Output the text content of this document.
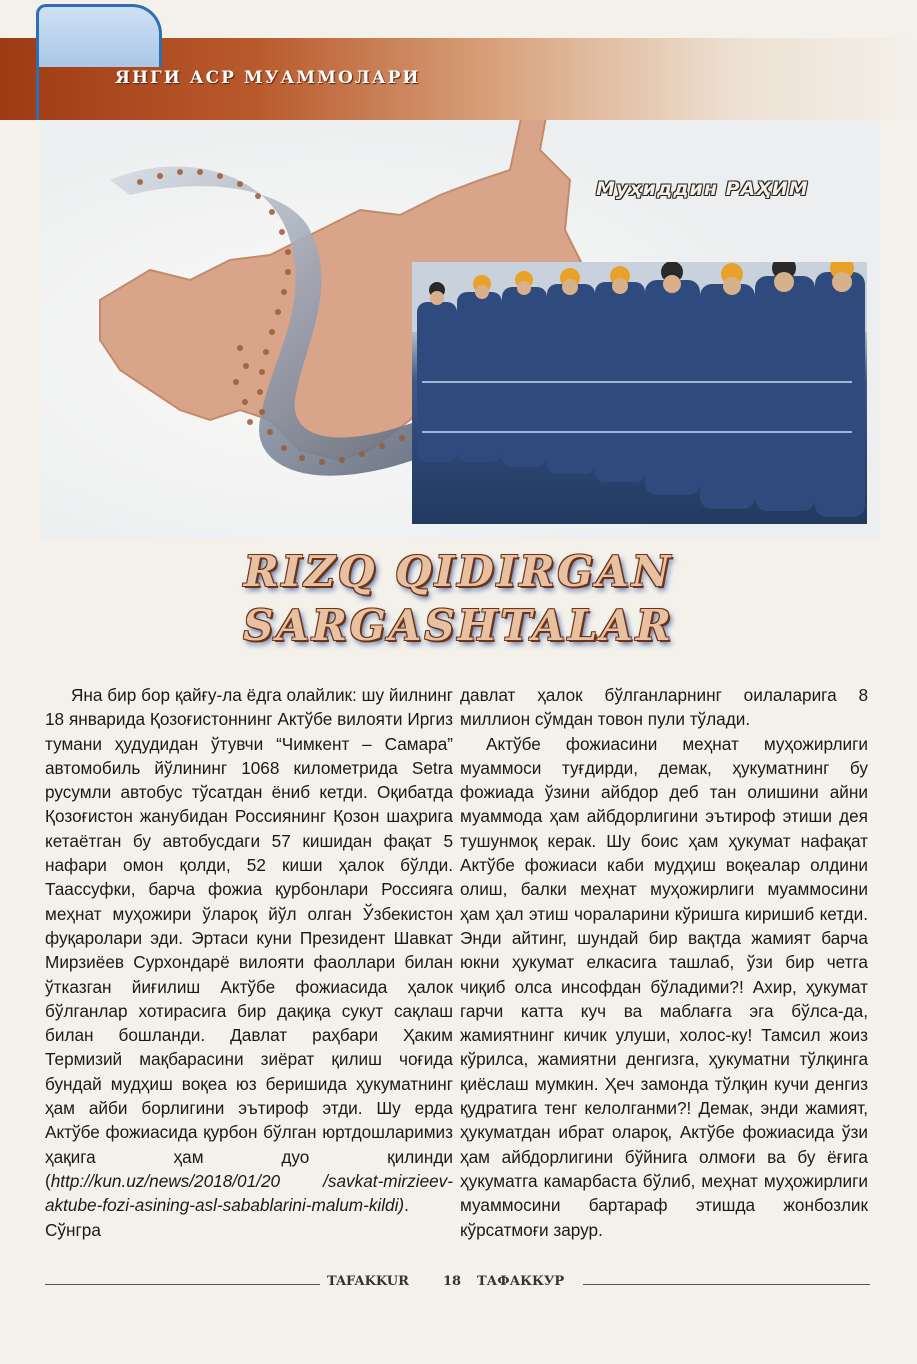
ЯНГИ АСР МУАММОЛАРИ
Муҳиддин РАҲИМ
RIZQ QIDIRGAN
SARGASHTALAR

Яна бир бор қайғу-ла ёдга олайлик: шу йилнинг 18 январида Қозоғистоннинг Актўбе вилояти Иргиз тумани ҳудудидан ўтувчи “Чимкент – Самара” автомобиль йўлининг 1068 километрида Setra русумли автобус тўсатдан ёниб кетди. Оқибатда Қозоғистон жанубидан Россиянинг Қозон шаҳрига кетаётган бу автобусдаги 57 кишидан фақат 5 нафари омон қолди, 52 киши ҳалок бўлди. Таассуфки, барча фожиа қурбонлари Россияга меҳнат муҳожири ўлароқ йўл олган Ўзбекистон фуқаролари эди. Эртаси куни Президент Шавкат Мирзиёев Сурхондарё вилояти фаоллари билан ўтказган йиғилиш Актўбе фожиасида ҳалок бўлганлар хотирасига бир дақиқа сукут сақлаш билан бошланди. Давлат раҳбари Ҳаким Термизий мақбарасини зиёрат қилиш чоғида бундай мудҳиш воқеа юз беришида ҳукуматнинг ҳам айби борлигини эътироф этди. Шу ерда Актўбе фожиасида қурбон бўлган юртдошларимиз ҳақига ҳам дуо қилинди (http://kun.uz/news/2018/01/20 /savkat-mirzieev-aktube-fozi-asining-asl-sabablarini-malum-kildi). Сўнгра

давлат ҳалок бўлганларнинг оилаларига 8 миллион сўмдан товон пули тўлади.

Актўбе фожиасини меҳнат муҳожирлиги муаммоси туғдирди, демак, ҳукуматнинг бу фожиада ўзини айбдор деб тан олишини айни муаммода ҳам айбдорлигини эътироф этиши дея тушунмоқ керак. Шу боис ҳам ҳукумат нафақат Актўбе фожиаси каби мудҳиш воқеалар олдини олиш, балки меҳнат муҳожирлиги муаммосини ҳам ҳал этиш чораларини кўришга киришиб кетди. Энди айтинг, шундай бир вақтда жамият барча юкни ҳукумат елкасига ташлаб, ўзи бир четга чиқиб олса инсофдан бўладими?! Ахир, ҳукумат гарчи катта куч ва маблағга эга бўлса-да, жамиятнинг кичик улуши, холос-ку! Тамсил жоиз кўрилса, жамиятни денгизга, ҳукуматни тўлқинга қиёслаш мумкин. Ҳеч замонда тўлқин кучи денгиз қудратига тенг келолганми?! Демак, энди жамият, ҳукуматдан ибрат олароқ, Актўбе фожиасида ўзи ҳам айбдорлигини бўйнига олмоғи ва бу ёғига ҳукуматга камарбаста бўлиб, меҳнат муҳожирлиги муаммосини бартараф этишда жонбозлик кўрсатмоғи зарур.

TAFAKKUR	18 ТАФАККУР
